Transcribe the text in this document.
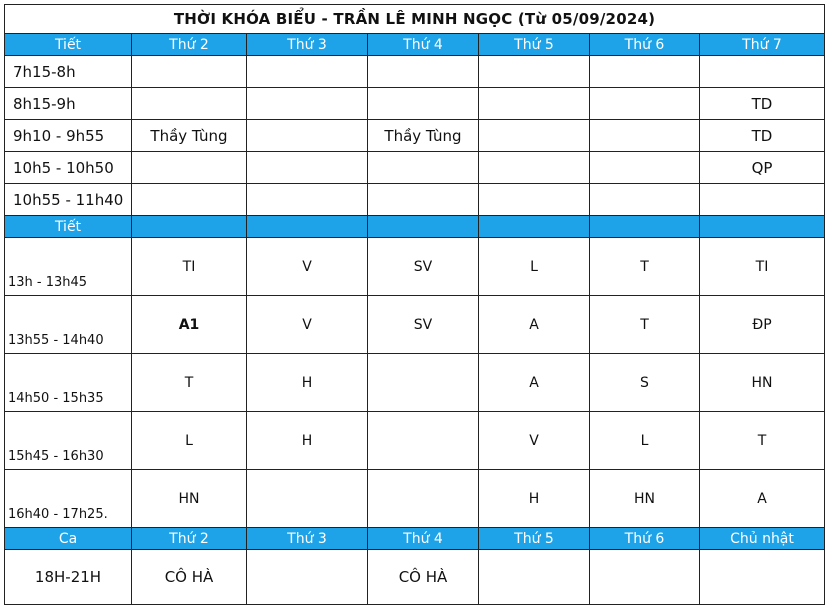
THỜI KHÓA BIỂU - TRẦN LÊ MINH NGỌC (Từ 05/09/2024)						
Tiết	Thứ 2	Thứ 3	Thứ 4	Thứ 5	Thứ 6	Thứ 7
7h15-8h						
8h15-9h						TD
9h10 - 9h55	Thầy Tùng		Thầy Tùng			TD
10h5 - 10h50						QP
10h55 - 11h40						
Tiết						
13h - 13h45	TI	V	SV	L	T	TI
13h55 - 14h40	A1	V	SV	A	T	ĐP
14h50 - 15h35	T	H		A	S	HN
15h45 - 16h30	L	H		V	L	T
16h40 - 17h25.	HN			H	HN	A
Ca	Thứ 2	Thứ 3	Thứ 4	Thứ 5	Thứ 6	Chủ nhật
18H-21H	CÔ HÀ		CÔ HÀ			
